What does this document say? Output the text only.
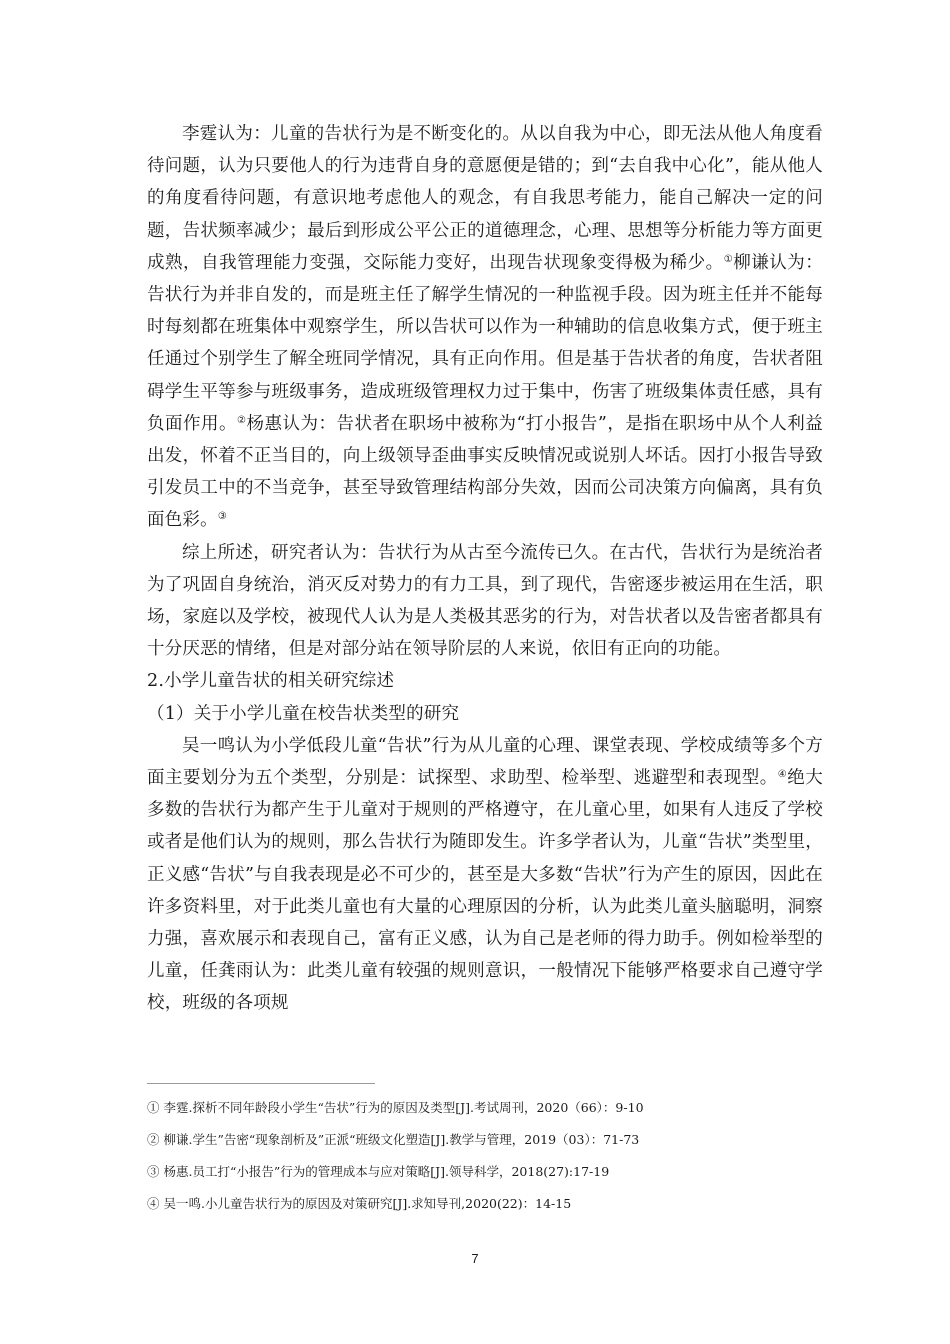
李霆认为：儿童的告状行为是不断变化的。从以自我为中心，即无法从他人角度看待问题，认为只要他人的行为违背自身的意愿便是错的；到“去自我中心化”，能从他人的角度看待问题，有意识地考虑他人的观念，有自我思考能力，能自己解决一定的问题，告状频率减少；最后到形成公平公正的道德理念，心理、思想等分析能力等方面更成熟，自我管理能力变强，交际能力变好，出现告状现象变得极为稀少。①柳谦认为：告状行为并非自发的，而是班主任了解学生情况的一种监视手段。因为班主任并不能每时每刻都在班集体中观察学生，所以告状可以作为一种辅助的信息收集方式，便于班主任通过个别学生了解全班同学情况，具有正向作用。但是基于告状者的角度，告状者阻碍学生平等参与班级事务，造成班级管理权力过于集中，伤害了班级集体责任感，具有负面作用。②杨惠认为：告状者在职场中被称为“打小报告”，是指在职场中从个人利益出发，怀着不正当目的，向上级领导歪曲事实反映情况或说别人坏话。因打小报告导致引发员工中的不当竞争，甚至导致管理结构部分失效，因而公司决策方向偏离，具有负面色彩。③

综上所述，研究者认为：告状行为从古至今流传已久。在古代，告状行为是统治者为了巩固自身统治，消灭反对势力的有力工具，到了现代，告密逐步被运用在生活，职场，家庭以及学校，被现代人认为是人类极其恶劣的行为，对告状者以及告密者都具有十分厌恶的情绪，但是对部分站在领导阶层的人来说，依旧有正向的功能。

2.小学儿童告状的相关研究综述
（1）关于小学儿童在校告状类型的研究

吴一鸣认为小学低段儿童“告状”行为从儿童的心理、课堂表现、学校成绩等多个方面主要划分为五个类型，分别是：试探型、求助型、检举型、逃避型和表现型。④绝大多数的告状行为都产生于儿童对于规则的严格遵守，在儿童心里，如果有人违反了学校或者是他们认为的规则，那么告状行为随即发生。许多学者认为，儿童“告状”类型里，正义感“告状”与自我表现是必不可少的，甚至是大多数“告状”行为产生的原因，因此在许多资料里，对于此类儿童也有大量的心理原因的分析，认为此类儿童头脑聪明，洞察力强，喜欢展示和表现自己，富有正义感，认为自己是老师的得力助手。例如检举型的儿童，任龚雨认为：此类儿童有较强的规则意识，一般情况下能够严格要求自己遵守学校，班级的各项规

① 李霆.探析不同年龄段小学生“告状”行为的原因及类型[J].考试周刊，2020（66）：9-10
② 柳谦.学生”告密“现象剖析及”正派“班级文化塑造[J].教学与管理，2019（03）：71-73
③ 杨惠.员工打“小报告”行为的管理成本与应对策略[J].领导科学，2018(27):17-19
④ 吴一鸣.小儿童告状行为的原因及对策研究[J].求知导刊,2020(22)：14-15
7
